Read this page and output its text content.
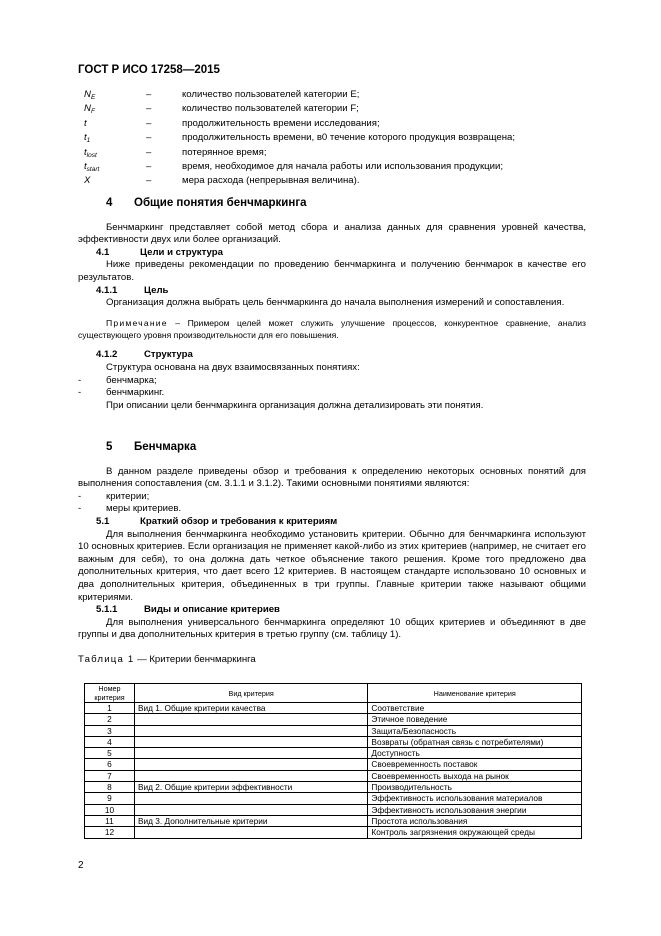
ГОСТ Р ИСО 17258—2015
$N_E$	–	количество пользователей категории E;
$N_F$	–	количество пользователей категории F;
t	–	продолжительность времени исследования;
$t_1$	–	продолжительность времени, в0 течение которого продукция возвращена;
$t_{lost}$	–	потерянное время;
$t_{start}$	–	время, необходимое для начала работы или использования продукции;
X	–	мера расхода (непрерывная величина).
4 Общие понятия бенчмаркинга
Бенчмаркинг представляет собой метод сбора и анализа данных для сравнения уровней качества, эффективности двух или более организаций.
4.1	Цели и структура
Ниже приведены рекомендации по проведению бенчмаркинга и получению бенчмарок в качестве его результатов.
4.1.1	Цель
Организация должна выбрать цель бенчмаркинга до начала выполнения измерений и сопоставления.
Примечание – Примером целей может служить улучшение процессов, конкурентное сравнение, анализ существующего уровня производительности для его повышения.
4.1.2	Структура
Структура основана на двух взаимосвязанных понятиях:
-	бенчмарка;
-	бенчмаркинг.
При описании цели бенчмаркинга организация должна детализировать эти понятия.
5 Бенчмарка
В данном разделе приведены обзор и требования к определению некоторых основных понятий для выполнения сопоставления (см. 3.1.1 и 3.1.2). Такими основными понятиями являются:
-	критерии;
-	меры критериев.
5.1	Краткий обзор и требования к критериям
Для выполнения бенчмаркинга необходимо установить критерии. Обычно для бенчмаркинга используют 10 основных критериев. Если организация не применяет какой-либо из этих критериев (например, не считает его важным для себя), то она должна дать четкое объяснение такого решения. Кроме того предложено два дополнительных критерия, что дает всего 12 критериев. В настоящем стандарте использовано 10 основных и два дополнительных критерия, объединенных в три группы. Главные критерии также называют общими критериями.
5.1.1	Виды и описание критериев
Для выполнения универсального бенчмаркинга определяют 10 общих критериев и объединяют в две группы и два дополнительных критерия в третью группу (см. таблицу 1).
Таблица 1 — Критерии бенчмаркинга
Номер критерия	Вид критерия	Наименование критерия
1	Вид 1. Общие критерии качества	Соответствие
2		Этичное поведение
3		Защита/Безопасность
4		Возвраты (обратная связь с потребителями)
5		Доступность
6		Своевременность поставок
7		Своевременность выхода на рынок
8	Вид 2. Общие критерии эффективности	Производительность
9		Эффективность использования материалов
10		Эффективность использования энергии
11	Вид 3. Дополнительные критерии	Простота использования
12		Контроль загрязнения окружающей среды
2
